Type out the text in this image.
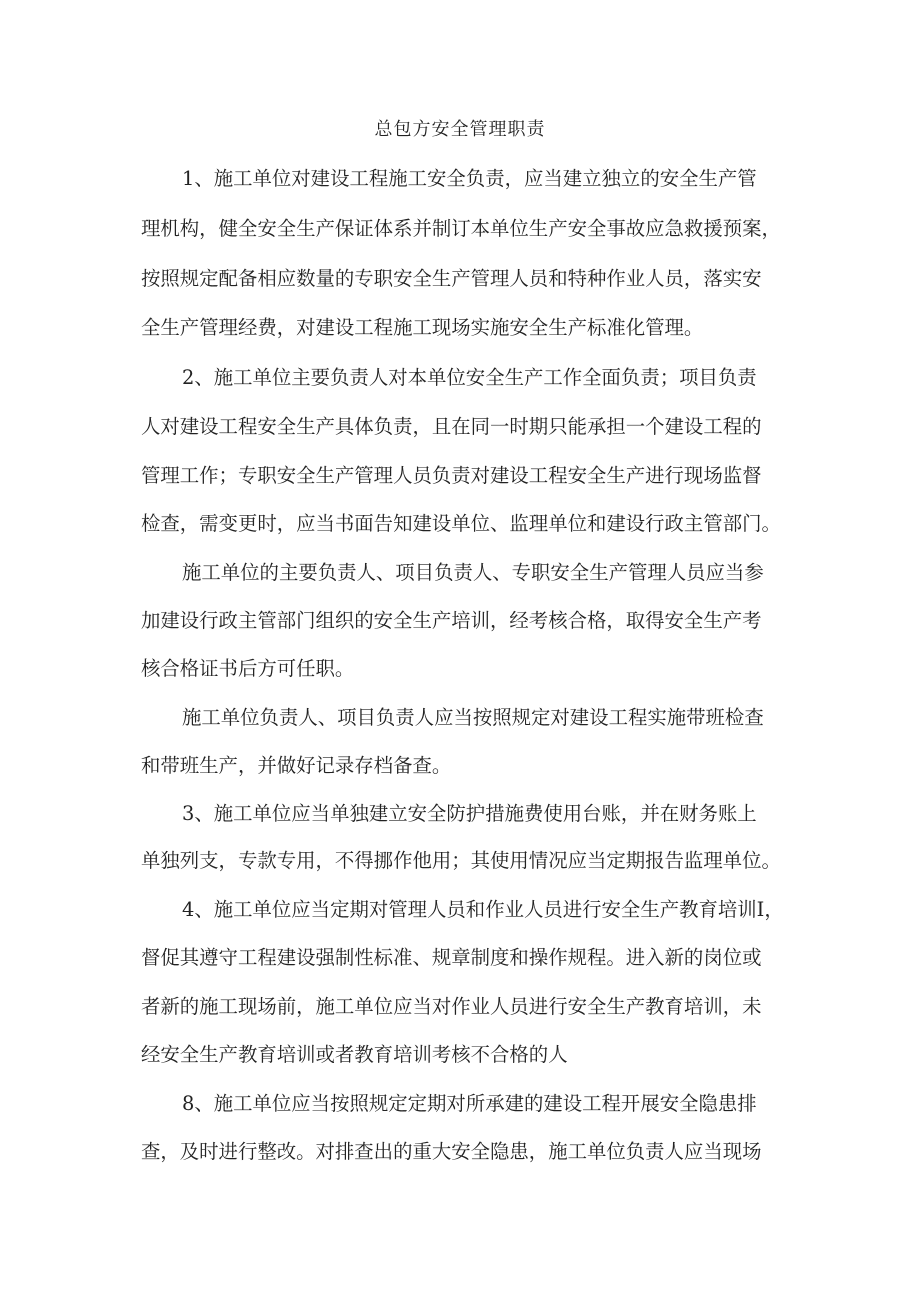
总包方安全管理职责

1、施工单位对建设工程施工安全负责，应当建立独立的安全生产管

理机构，健全安全生产保证体系并制订本单位生产安全事故应急救援预案，

按照规定配备相应数量的专职安全生产管理人员和特种作业人员，落实安

全生产管理经费，对建设工程施工现场实施安全生产标准化管理。

2、施工单位主要负责人对本单位安全生产工作全面负责；项目负责

人对建设工程安全生产具体负责，且在同一时期只能承担一个建设工程的

管理工作；专职安全生产管理人员负责对建设工程安全生产进行现场监督

检查，需变更时，应当书面告知建设单位、监理单位和建设行政主管部门。

施工单位的主要负责人、项目负责人、专职安全生产管理人员应当参

加建设行政主管部门组织的安全生产培训，经考核合格，取得安全生产考

核合格证书后方可任职。

施工单位负责人、项目负责人应当按照规定对建设工程实施带班检查

和带班生产，并做好记录存档备查。

3、施工单位应当单独建立安全防护措施费使用台账，并在财务账上

单独列支，专款专用，不得挪作他用；其使用情况应当定期报告监理单位。

4、施工单位应当定期对管理人员和作业人员进行安全生产教育培训I，

督促其遵守工程建设强制性标准、规章制度和操作规程。进入新的岗位或

者新的施工现场前，施工单位应当对作业人员进行安全生产教育培训，未

经安全生产教育培训或者教育培训考核不合格的人

8、施工单位应当按照规定定期对所承建的建设工程开展安全隐患排

查，及时进行整改。对排查出的重大安全隐患，施工单位负责人应当现场
